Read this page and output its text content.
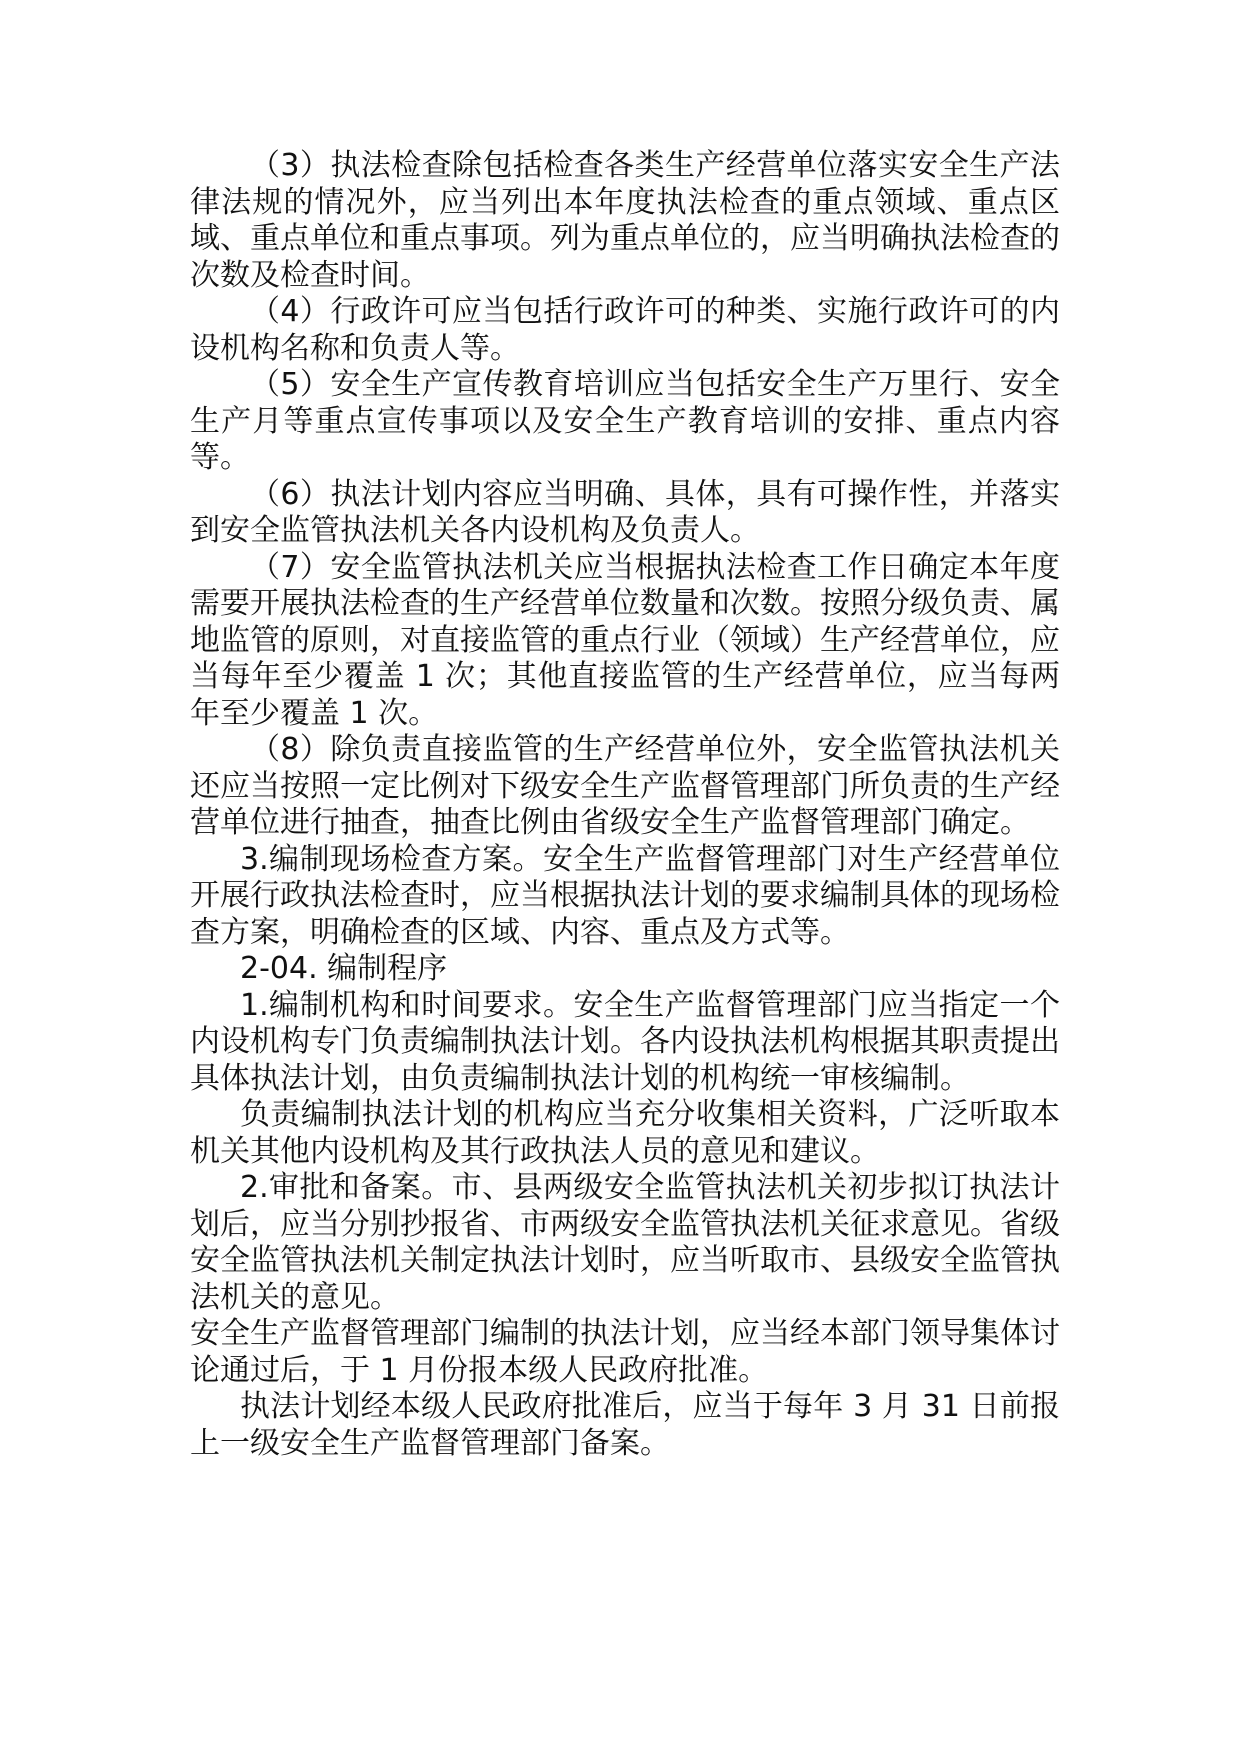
（3）执法检查除包括检查各类生产经营单位落实安全生产法律法规的情况外，应当列出本年度执法检查的重点领域、重点区域、重点单位和重点事项。列为重点单位的，应当明确执法检查的次数及检查时间。

（4）行政许可应当包括行政许可的种类、实施行政许可的内设机构名称和负责人等。

（5）安全生产宣传教育培训应当包括安全生产万里行、安全生产月等重点宣传事项以及安全生产教育培训的安排、重点内容等。

（6）执法计划内容应当明确、具体，具有可操作性，并落实到安全监管执法机关各内设机构及负责人。

（7）安全监管执法机关应当根据执法检查工作日确定本年度需要开展执法检查的生产经营单位数量和次数。按照分级负责、属地监管的原则，对直接监管的重点行业（领域）生产经营单位，应当每年至少覆盖 1 次；其他直接监管的生产经营单位，应当每两年至少覆盖 1 次。

（8）除负责直接监管的生产经营单位外，安全监管执法机关还应当按照一定比例对下级安全生产监督管理部门所负责的生产经营单位进行抽查，抽查比例由省级安全生产监督管理部门确定。

3.编制现场检查方案。安全生产监督管理部门对生产经营单位开展行政执法检查时，应当根据执法计划的要求编制具体的现场检查方案，明确检查的区域、内容、重点及方式等。

2-04. 编制程序

1.编制机构和时间要求。安全生产监督管理部门应当指定一个内设机构专门负责编制执法计划。各内设执法机构根据其职责提出具体执法计划，由负责编制执法计划的机构统一审核编制。

负责编制执法计划的机构应当充分收集相关资料，广泛听取本机关其他内设机构及其行政执法人员的意见和建议。

2.审批和备案。市、县两级安全监管执法机关初步拟订执法计划后，应当分别抄报省、市两级安全监管执法机关征求意见。省级安全监管执法机关制定执法计划时，应当听取市、县级安全监管执法机关的意见。

安全生产监督管理部门编制的执法计划，应当经本部门领导集体讨论通过后，于 1 月份报本级人民政府批准。

执法计划经本级人民政府批准后，应当于每年 3 月 31 日前报上一级安全生产监督管理部门备案。
